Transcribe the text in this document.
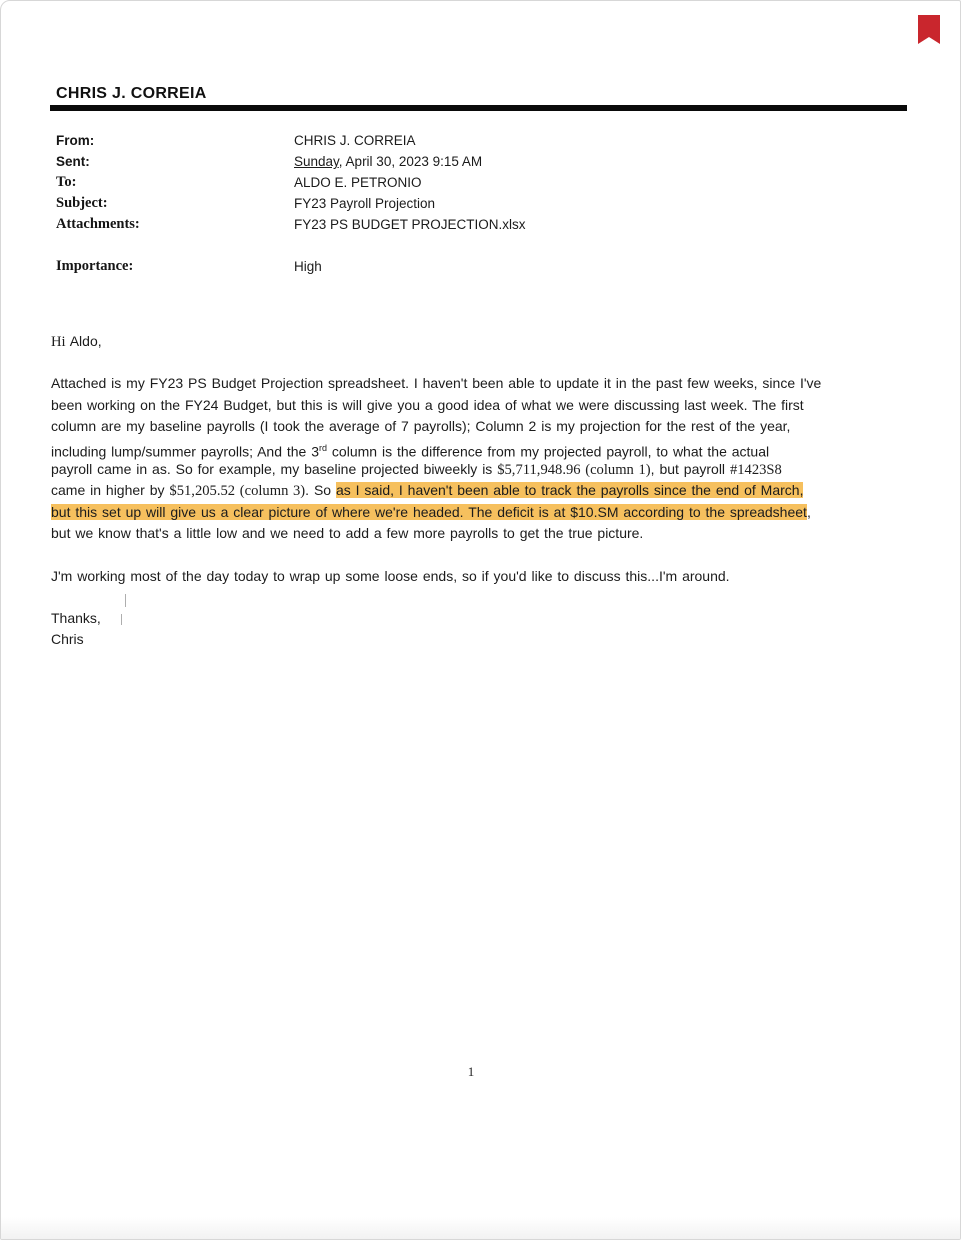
CHRIS J. CORREIA
From:	CHRIS J. CORREIA
Sent:	Sunday, April 30, 2023 9:15 AM
To:	ALDO E. PETRONIO
Subject:	FY23 Payroll Projection
Attachments:	FY23 PS BUDGET PROJECTION.xlsx
Importance:	High

Hi Aldo,

Attached is my FY23 PS Budget Projection spreadsheet. I haven't been able to update it in the past few weeks, since I've
been working on the FY24 Budget, but this is will give you a good idea of what we were discussing last week. The first
column are my baseline payrolls (I took the average of 7 payrolls); Column 2 is my projection for the rest of the year,
including lump/summer payrolls; And the 3rd column is the difference from my projected payroll, to what the actual
payroll came in as. So for example, my baseline projected biweekly is $5,711,948.96 (column 1), but payroll #1423S8
came in higher by $51,205.52 (column 3). So as I said, I haven't been able to track the payrolls since the end of March,
but this set up will give us a clear picture of where we're headed. The deficit is at $10.SM according to the spreadsheet,
but we know that's a little low and we need to add a few more payrolls to get the true picture.

J'm working most of the day today to wrap up some loose ends, so if you'd like to discuss this...I'm around.

Thanks,
Chris

1
